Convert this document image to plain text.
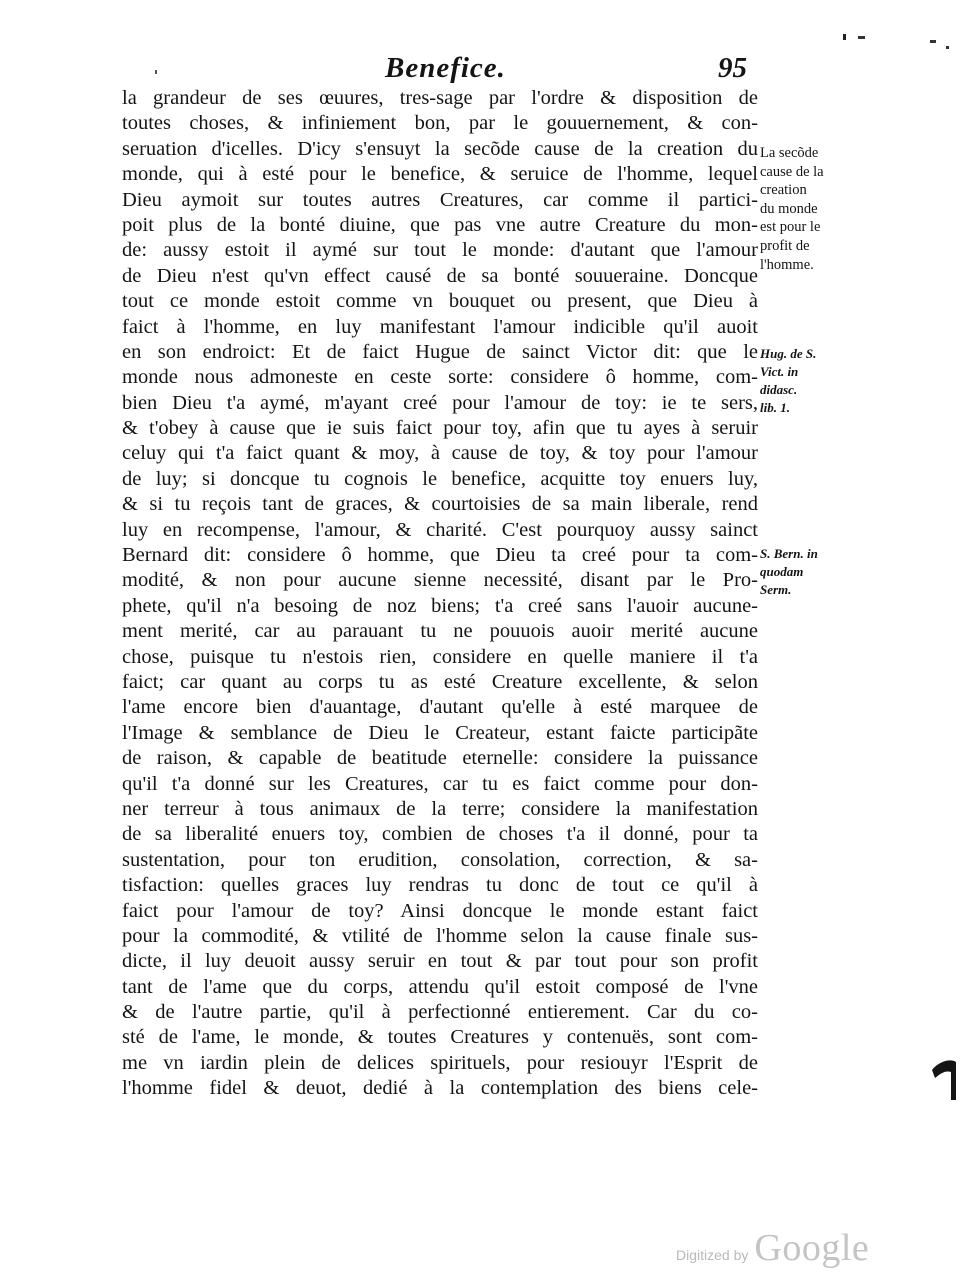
Benefice.	95
la grandeur de ses œuures, tres-sage par l'ordre & disposition de
toutes choses, & infiniement bon, par le gouuernement, & con-
seruation d'icelles. D'icy s'ensuyt la secõde cause de la creation du
monde, qui à esté pour le benefice, & seruice de l'homme, lequel
Dieu aymoit sur toutes autres Creatures, car comme il partici-
poit plus de la bonté diuine, que pas vne autre Creature du mon-
de: aussy estoit il aymé sur tout le monde: d'autant que l'amour
de Dieu n'est qu'vn effect causé de sa bonté souueraine. Doncque
tout ce monde estoit comme vn bouquet ou present, que Dieu à
faict à l'homme, en luy manifestant l'amour indicible qu'il auoit
en son endroict: Et de faict Hugue de sainct Victor dit: que le
monde nous admoneste en ceste sorte: considere ô homme, com-
bien Dieu t'a aymé, m'ayant creé pour l'amour de toy: ie te sers,
& t'obey à cause que ie suis faict pour toy, afin que tu ayes à seruir
celuy qui t'a faict quant & moy, à cause de toy, & toy pour l'amour
de luy; si doncque tu cognois le benefice, acquitte toy enuers luy,
& si tu reçois tant de graces, & courtoisies de sa main liberale, rend
luy en recompense, l'amour, & charité. C'est pourquoy aussy sainct
Bernard dit: considere ô homme, que Dieu ta creé pour ta com-
modité, & non pour aucune sienne necessité, disant par le Pro-
phete, qu'il n'a besoing de noz biens; t'a creé sans l'auoir aucune-
ment merité, car au parauant tu ne pouuois auoir merité aucune
chose, puisque tu n'estois rien, considere en quelle maniere il t'a
faict; car quant au corps tu as esté Creature excellente, & selon
l'ame encore bien d'auantage, d'autant qu'elle à esté marquee de
l'Image & semblance de Dieu le Createur, estant faicte participãte
de raison, & capable de beatitude eternelle: considere la puissance
qu'il t'a donné sur les Creatures, car tu es faict comme pour don-
ner terreur à tous animaux de la terre; considere la manifestation
de sa liberalité enuers toy, combien de choses t'a il donné, pour ta
sustentation, pour ton erudition, consolation, correction, & sa-
tisfaction: quelles graces luy rendras tu donc de tout ce qu'il à
faict pour l'amour de toy? Ainsi doncque le monde estant faict
pour la commodité, & vtilité de l'homme selon la cause finale sus-
dicte, il luy deuoit aussy seruir en tout & par tout pour son profit
tant de l'ame que du corps, attendu qu'il estoit composé de l'vne
& de l'autre partie, qu'il à perfectionné entierement. Car du co-
sté de l'ame, le monde, & toutes Creatures y contenuës, sont com-
me vn iardin plein de delices spirituels, pour resiouyr l'Esprit de
l'homme fidel & deuot, dedié à la contemplation des biens cele-
La secõde
cause de la
creation
du monde
est pour le
profit de
l'homme.
Hug. de S.
Vict. in
didasc.
lib. 1.
S. Bern. in
quodam
Serm.
Digitized by Google
